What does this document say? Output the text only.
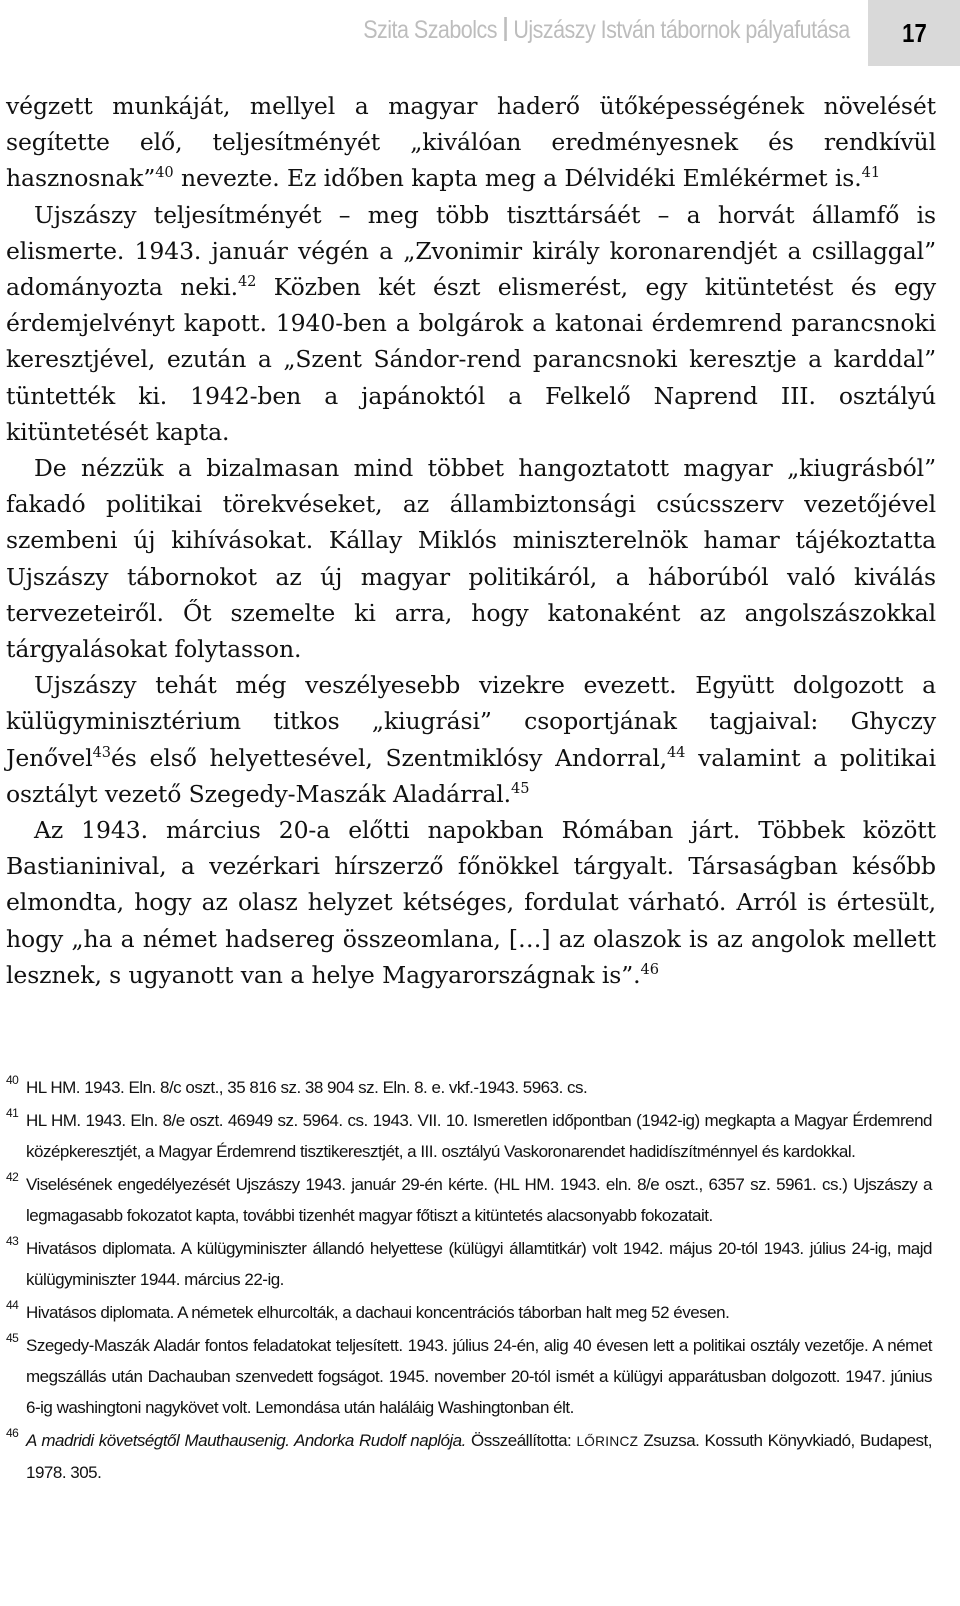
Szita Szabolcs Ujszászy István tábornok pályafutása 17

végzett munkáját, mellyel a magyar haderő ütőképességének növelését segítette elő, teljesítményét „kiválóan eredményesnek és rendkívül hasznosnak”$^{40}$ nevezte. Ez időben kapta meg a Délvidéki Emlékérmet is.$^{41}$

Ujszászy teljesítményét – meg több tiszttársáét – a horvát államfő is elismerte. 1943. január végén a „Zvonimir király koronarendjét a csillaggal” adományozta neki.$^{42}$ Közben két észt elismerést, egy kitüntetést és egy érdemjelvényt kapott. 1940-ben a bolgárok a katonai érdemrend parancsnoki keresztjével, ezután a „Szent Sándor-rend parancsnoki keresztje a karddal” tüntették ki. 1942-ben a japánoktól a Felkelő Naprend III. osztályú kitüntetését kapta.

De nézzük a bizalmasan mind többet hangoztatott magyar „kiugrásból” fakadó politikai törekvéseket, az állambiztonsági csúcsszerv vezetőjével szembeni új kihívásokat. Kállay Miklós miniszterelnök hamar tájékoztatta Ujszászy tábornokot az új magyar politikáról, a háborúból való kiválás tervezeteiről. Őt szemelte ki arra, hogy katonaként az angolszászokkal tárgyalásokat folytasson.

Ujszászy tehát még veszélyesebb vizekre evezett. Együtt dolgozott a külügyminisztérium titkos „kiugrási” csoportjának tagjaival: Ghyczy Jenővel$^{43}$és első helyettesével, Szentmiklósy Andorral,$^{44}$ valamint a politikai osztályt vezető Szegedy-Maszák Aladárral.$^{45}$

Az 1943. március 20-a előtti napokban Rómában járt. Többek között Bastianinival, a vezérkari hírszerző főnökkel tárgyalt. Társaságban később elmondta, hogy az olasz helyzet kétséges, fordulat várható. Arról is értesült, hogy „ha a német hadsereg összeomlana, […] az olaszok is az angolok mellett lesznek, s ugyanott van a helye Magyarországnak is”.$^{46}$

40 HL HM. 1943. Eln. 8/c oszt., 35 816 sz. 38 904 sz. Eln. 8. e. vkf.-1943. 5963. cs.
41 HL HM. 1943. Eln. 8/e oszt. 46949 sz. 5964. cs. 1943. VII. 10. Ismeretlen időpontban (1942-ig) megkapta a Magyar Érdemrend középkeresztjét, a Magyar Érdemrend tisztikeresztjét, a III. osztályú Vaskoronarendet hadidíszítménnyel és kardokkal.
42 Viselésének engedélyezését Ujszászy 1943. január 29-én kérte. (HL HM. 1943. eln. 8/e oszt., 6357 sz. 5961. cs.) Ujszászy a legmagasabb fokozatot kapta, további tizenhét magyar főtiszt a kitüntetés alacsonyabb fokozatait.
43 Hivatásos diplomata. A külügyminiszter állandó helyettese (külügyi államtitkár) volt 1942. május 20-tól 1943. július 24-ig, majd külügyminiszter 1944. március 22-ig.
44 Hivatásos diplomata. A németek elhurcolták, a dachaui koncentrációs táborban halt meg 52 évesen.
45 Szegedy-Maszák Aladár fontos feladatokat teljesített. 1943. július 24-én, alig 40 évesen lett a politikai osztály vezetője. A német megszállás után Dachauban szenvedett fogságot. 1945. november 20-tól ismét a külügyi apparátusban dolgozott. 1947. június 6-ig washingtoni nagykövet volt. Lemondása után haláláig Washingtonban élt.
46 A madridi követségtől Mauthausenig. Andorka Rudolf naplója. Összeállította: LŐRINCZ Zsuzsa. Kossuth Könyvkiadó, Budapest, 1978. 305.
